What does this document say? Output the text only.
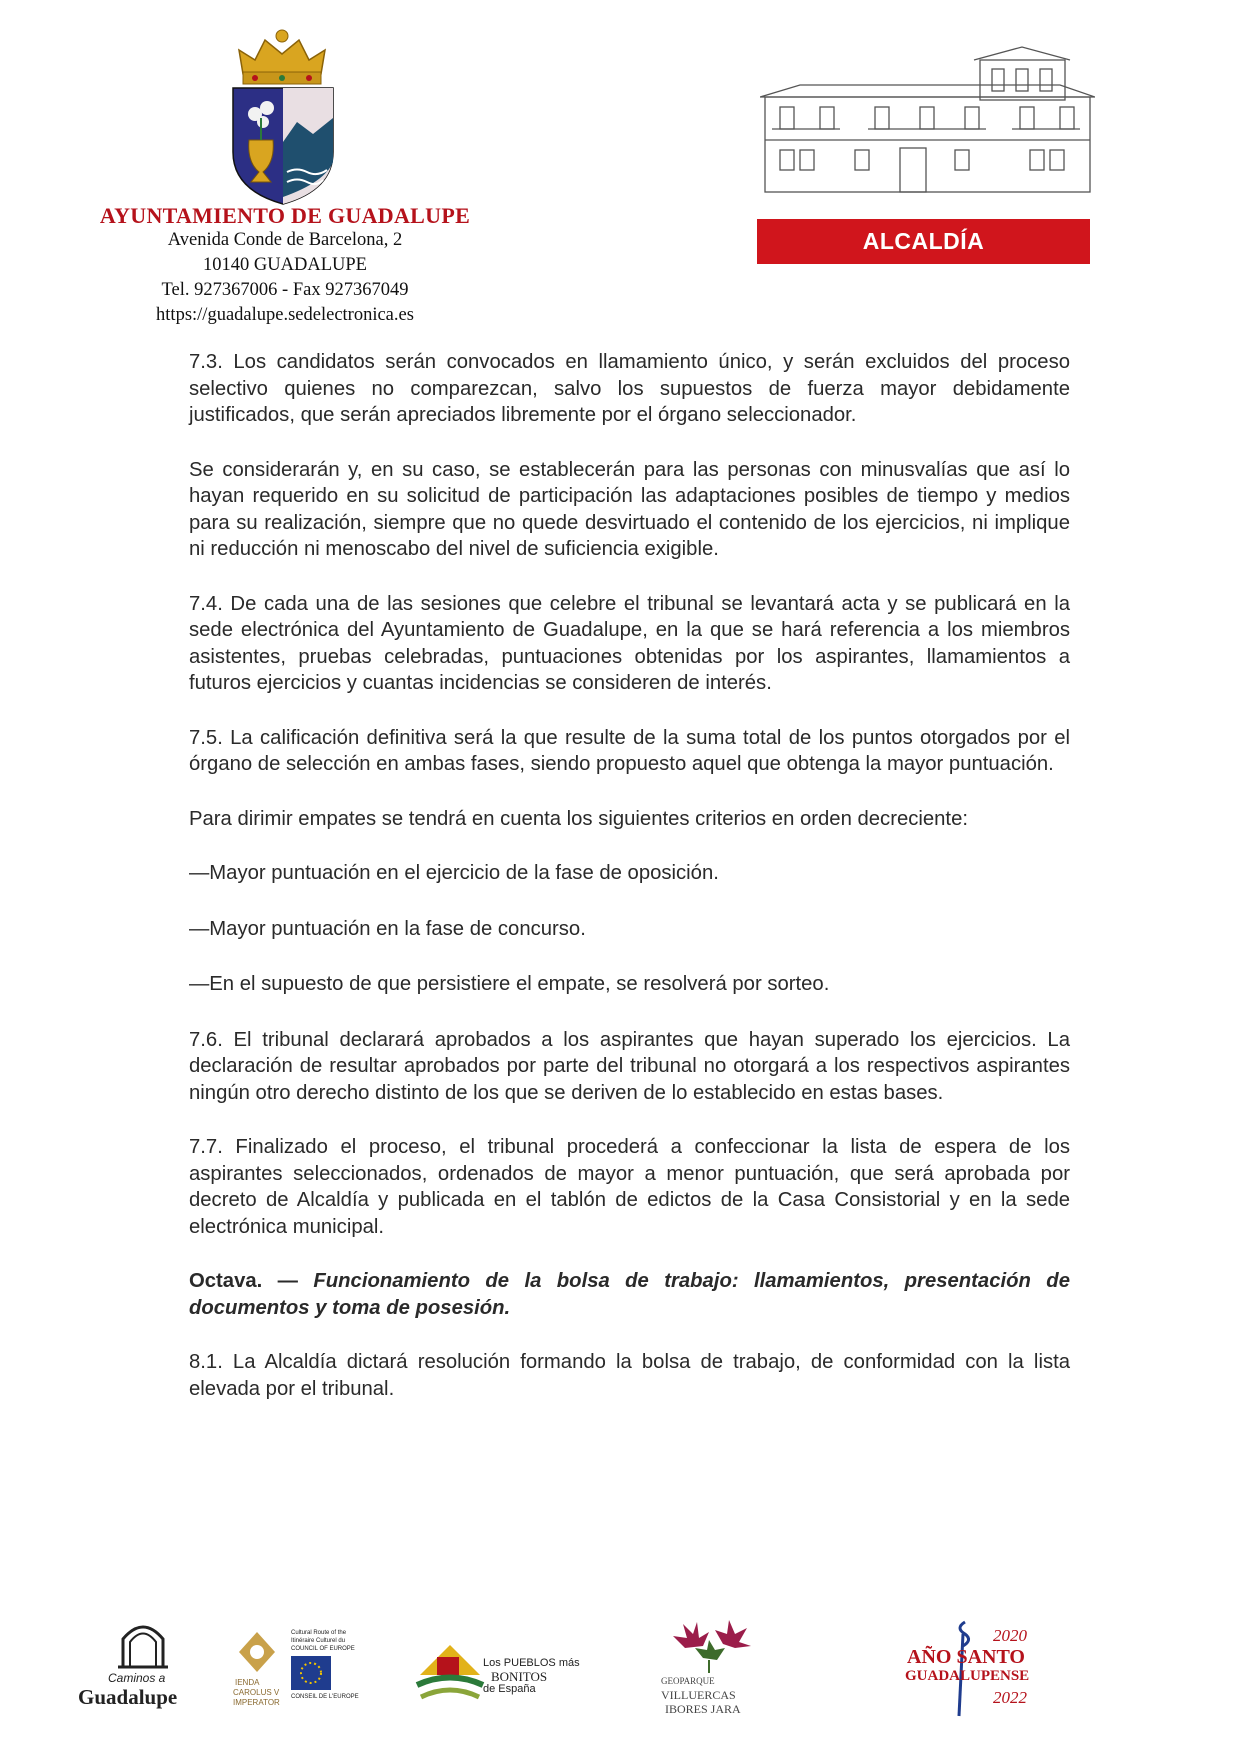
AYUNTAMIENTO DE GUADALUPE
Avenida Conde de Barcelona, 2
10140 GUADALUPE
Tel. 927367006 - Fax 927367049
https://guadalupe.sedelectronica.es
ALCALDÍA

7.3. Los candidatos serán convocados en llamamiento único, y serán excluidos del proceso selectivo quienes no comparezcan, salvo los supuestos de fuerza mayor debidamente justificados, que serán apreciados libremente por el órgano seleccionador.

Se considerarán y, en su caso, se establecerán para las personas con minusvalías que así lo hayan requerido en su solicitud de participación las adaptaciones posibles de tiempo y medios para su realización, siempre que no quede desvirtuado el contenido de los ejercicios, ni implique ni reducción ni menoscabo del nivel de suficiencia exigible.

7.4. De cada una de las sesiones que celebre el tribunal se levantará acta y se publicará en la sede electrónica del Ayuntamiento de Guadalupe, en la que se hará referencia a los miembros asistentes, pruebas celebradas, puntuaciones obtenidas por los aspirantes, llamamientos a futuros ejercicios y cuantas incidencias se consideren de interés.

7.5. La calificación definitiva será la que resulte de la suma total de los puntos otorgados por el órgano de selección en ambas fases, siendo propuesto aquel que obtenga la mayor puntuación.

Para dirimir empates se tendrá en cuenta los siguientes criterios en orden decreciente:

—Mayor puntuación en el ejercicio de la fase de oposición.

—Mayor puntuación en la fase de concurso.

—En el supuesto de que persistiere el empate, se resolverá por sorteo.

7.6. El tribunal declarará aprobados a los aspirantes que hayan superado los ejercicios. La declaración de resultar aprobados por parte del tribunal no otorgará a los respectivos aspirantes ningún otro derecho distinto de los que se deriven de lo establecido en estas bases.

7.7. Finalizado el proceso, el tribunal procederá a confeccionar la lista de espera de los aspirantes seleccionados, ordenados de mayor a menor puntuación, que será aprobada por decreto de Alcaldía y publicada en el tablón de edictos de la Casa Consistorial y en la sede electrónica municipal.

Octava. — Funcionamiento de la bolsa de trabajo: llamamientos, presentación de documentos y toma de posesión.

8.1. La Alcaldía dictará resolución formando la bolsa de trabajo, de conformidad con la lista elevada por el tribunal.

Caminos a
Guadalupe
IENDA
CAROLUS V
IMPERATOR
Cultural Route of the
Itinéraire Culturel du
COUNCIL OF EUROPE
CONSEIL DE L'EUROPE
Los PUEBLOS más
BONITOS
de España
GEOPARQUE
VILLUERCAS
IBORES JARA
2020
AÑO SANTO
GUADALUPENSE
2022
